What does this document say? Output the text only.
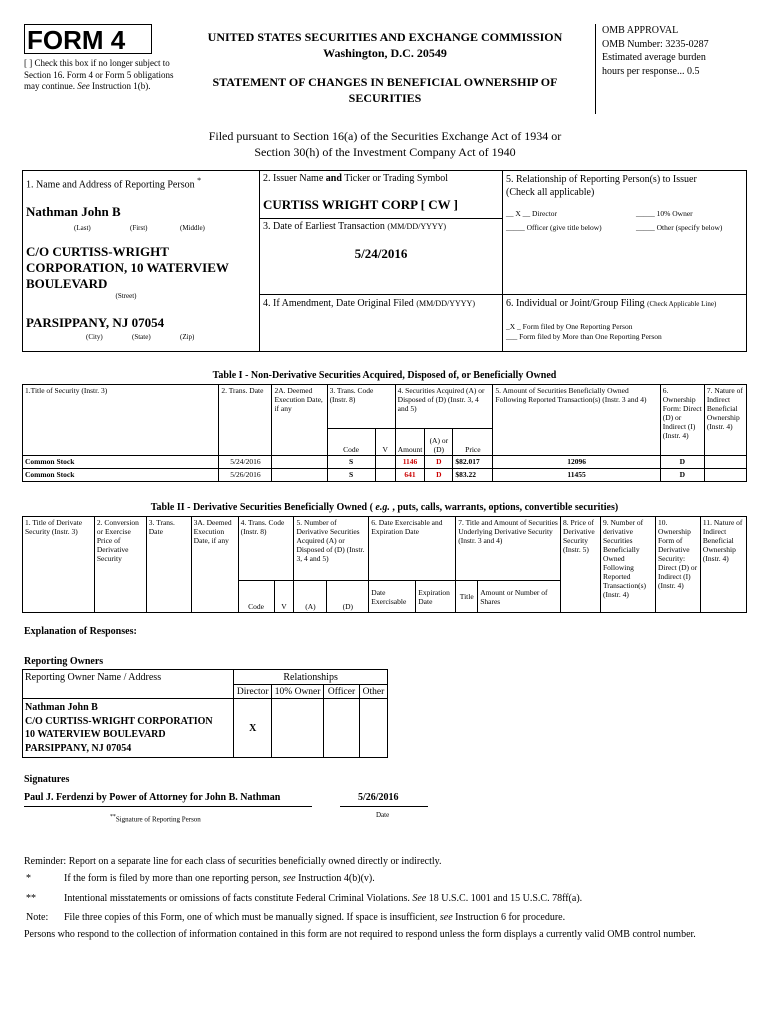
FORM 4
[ ] Check this box if no longer subject to Section 16. Form 4 or Form 5 obligations may continue. See Instruction 1(b).
UNITED STATES SECURITIES AND EXCHANGE COMMISSION
Washington, D.C. 20549
STATEMENT OF CHANGES IN BENEFICIAL OWNERSHIP OF
SECURITIES
OMB APPROVAL
OMB Number: 3235-0287
Estimated average burden
hours per response... 0.5
Filed pursuant to Section 16(a) of the Securities Exchange Act of 1934 or
Section 30(h) of the Investment Company Act of 1940
1. Name and Address of Reporting Person *
Nathman John B
(Last)	(First)	(Middle)
C/O CURTISS-WRIGHT
CORPORATION, 10 WATERVIEW
BOULEVARD
(Street)
PARSIPPANY, NJ 07054
(City)	(State)	(Zip)
2. Issuer Name and Ticker or Trading Symbol
CURTISS WRIGHT CORP [ CW ]
3. Date of Earliest Transaction (MM/DD/YYYY)
5/24/2016
4. If Amendment, Date Original Filed (MM/DD/YYYY)
5. Relationship of Reporting Person(s) to Issuer
(Check all applicable)
__ X __ Director	_____ 10% Owner
_____ Officer (give title below)	_____ Other (specify below)
6. Individual or Joint/Group Filing (Check Applicable Line)
_X _ Form filed by One Reporting Person
___ Form filed by More than One Reporting Person
Table I - Non-Derivative Securities Acquired, Disposed of, or Beneficially Owned
1.Title of Security (Instr. 3)	2. Trans. Date	2A. Deemed Execution Date, if any	3. Trans. Code (Instr. 8)		4. Securities Acquired (A) or Disposed of (D) (Instr. 3, 4 and 5)			5. Amount of Securities Beneficially Owned Following Reported Transaction(s) (Instr. 3 and 4)	6. Ownership Form: Direct (D) or Indirect (I) (Instr. 4)	7. Nature of Indirect Beneficial Ownership (Instr. 4)
			Code	V	Amount	(A) or (D)	Price			
Common Stock	5/24/2016		S		1146	D	$82.017	12096	D	
Common Stock	5/26/2016		S		641	D	$83.22	11455	D	
Table II - Derivative Securities Beneficially Owned ( e.g. , puts, calls, warrants, options, convertible securities)
1. Title of Derivate Security (Instr. 3)	2. Conversion or Exercise Price of Derivative Security	3. Trans. Date	3A. Deemed Execution Date, if any	4. Trans. Code (Instr. 8)		5. Number of Derivative Securities Acquired (A) or Disposed of (D) (Instr. 3, 4 and 5)		6. Date Exercisable and Expiration Date		7. Title and Amount of Securities Underlying Derivative Security (Instr. 3 and 4)		8. Price of Derivative Security (Instr. 5)	9. Number of derivative Securities Beneficially Owned Following Reported Transaction(s) (Instr. 4)	10. Ownership Form of Derivative Security: Direct (D) or Indirect (I) (Instr. 4)	11. Nature of Indirect Beneficial Ownership (Instr. 4)
				Code	V	(A)	(D)	Date Exercisable	Expiration Date	Title	Amount or Number of Shares				
Explanation of Responses:
Reporting Owners
Reporting Owner Name / Address	Relationships			
	Director	10% Owner	Officer	Other

Nathman John B
C/O CURTISS-WRIGHT CORPORATION
10 WATERVIEW BOULEVARD
PARSIPPANY, NJ 07054	X			
Signatures
Paul J. Ferdenzi by Power of Attorney for John B. Nathman	5/26/2016
**Signature of Reporting Person
Date
Reminder: Report on a separate line for each class of securities beneficially owned directly or indirectly.
*	If the form is filed by more than one reporting person, see Instruction 4(b)(v).
**	Intentional misstatements or omissions of facts constitute Federal Criminal Violations. See 18 U.S.C. 1001 and 15 U.S.C. 78ff(a).
Note: File three copies of this Form, one of which must be manually signed. If space is insufficient, see Instruction 6 for procedure.
Persons who respond to the collection of information contained in this form are not required to respond unless the form displays a currently valid OMB control number.
